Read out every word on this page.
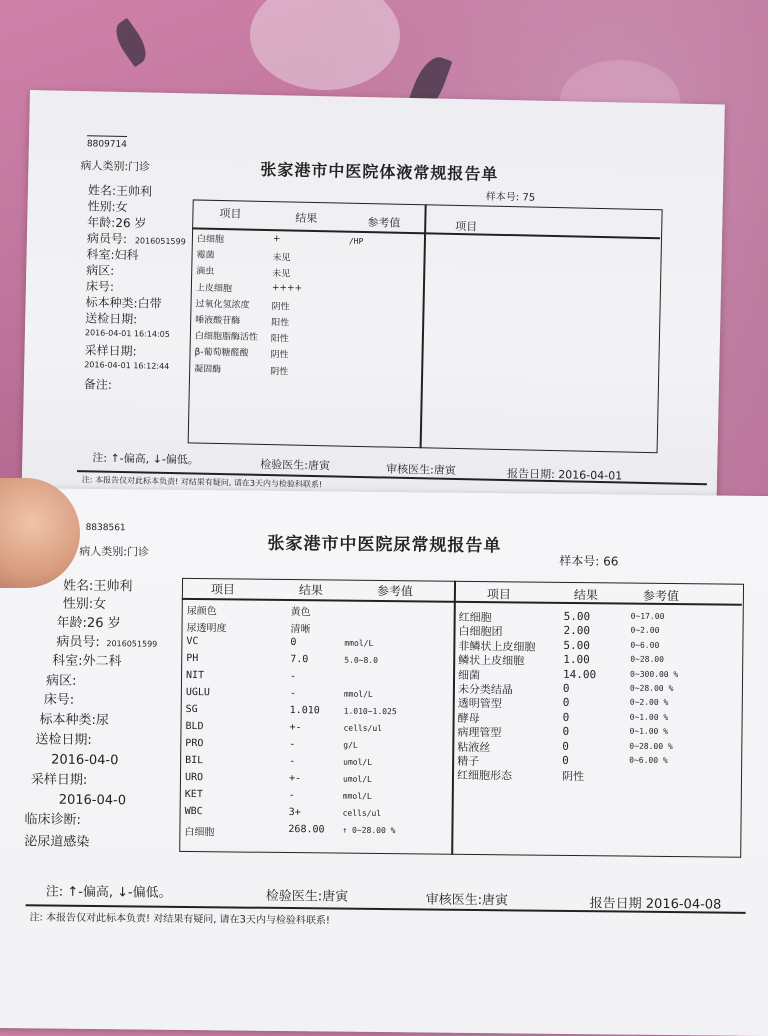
8809714
病人类别:门诊	张家港市中医院体液常规报告单
样本号: 75
姓名:王帅利
性别:女
年龄:26 岁
病员号: 2016051599
科室:妇科
病区:
床号:
标本种类:白带
送检日期:
2016-04-01 16:14:05
采样日期:
2016-04-01 16:12:44
备注:
项目	结果	参考值	项目
白细胞	+	/HP
霉菌	未见
滴虫	未见
上皮细胞	++++
过氧化氢浓度 阴性
唾液酸苷酶	阳性
白细胞脂酶活性 阳性
β-葡萄糖醛酸 阴性
凝固酶	阴性
注: ↑-偏高, ↓-偏低。	检验医生:唐寅	审核医生:唐寅	报告日期: 2016-04-01
注: 本报告仅对此标本负责! 对结果有疑问, 请在3天内与检验科联系!
8838561
病人类别:门诊	张家港市中医院尿常规报告单
样本号: 66
姓名:王帅利
性别:女
年龄:26 岁
病员号: 2016051599
科室:外二科
病区:
床号:
标本种类:尿
送检日期:
2016-04-0
采样日期:
2016-04-0
临床诊断:
泌尿道感染
项目	结果	参考值	项目	结果	参考值
尿颜色	黄色
尿透明度	清晰
VC	0	mmol/L
PH	7.0	5.0~8.0
NIT	-
UGLU	-	mmol/L
SG	1.010	1.010~1.025
BLD	+-	cells/ul
PRO	-	g/L
BIL	-	umol/L
URO	+-	umol/L
KET	-	mmol/L
WBC	3+	cells/ul
白细胞	268.00 ↑ 0~28.00 %
红细胞	5.00	0~17.00
白细胞团	2.00	0~2.00
非鳞状上皮细胞	5.00	0~6.00
鳞状上皮细胞	1.00	0~28.00
细菌	14.00	0~300.00 %
未分类结晶	0	0~28.00 %
透明管型	0	0~2.00 %
酵母	0	0~1.00 %
病理管型	0	0~1.00 %
粘液丝	0	0~28.00 %
精子	0	0~6.00 %
红细胞形态	阴性
注: ↑-偏高, ↓-偏低。	检验医生:唐寅	审核医生:唐寅	报告日期 2016-04-08
注: 本报告仅对此标本负责! 对结果有疑问, 请在3天内与检验科联系!
